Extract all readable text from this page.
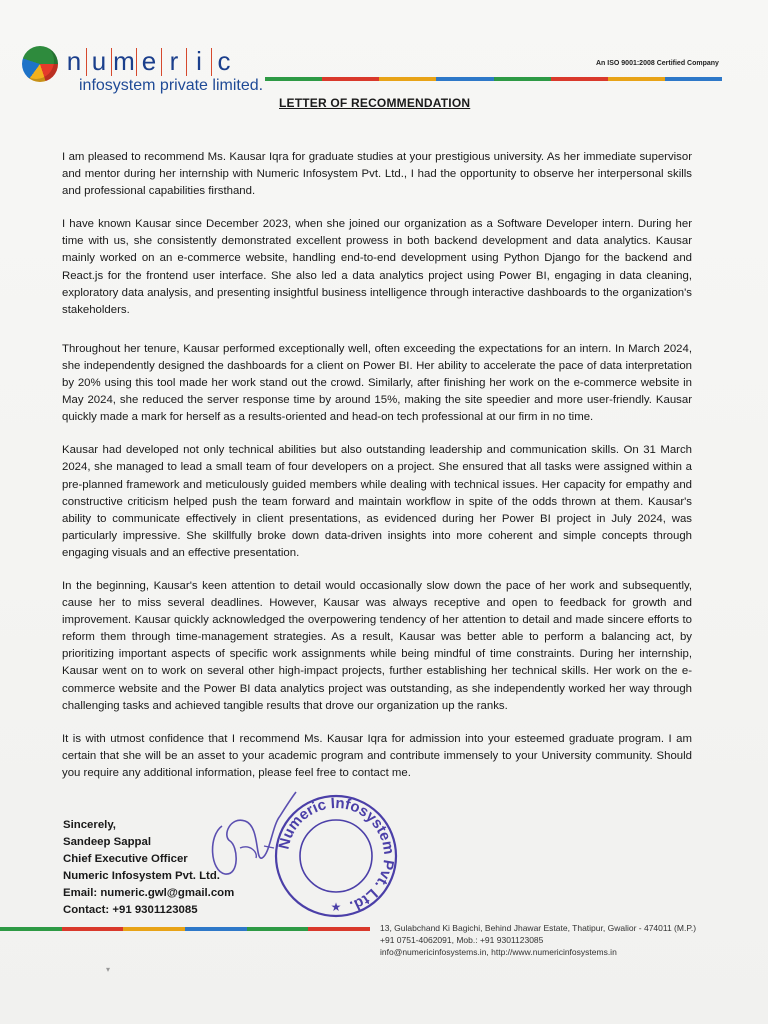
n u m e r i c
infosystem private limited.
An ISO 9001:2008 Certified Company
LETTER OF RECOMMENDATION

I am pleased to recommend Ms. Kausar Iqra for graduate studies at your prestigious university. As her immediate supervisor and mentor during her internship with Numeric Infosystem Pvt. Ltd., I had the opportunity to observe her interpersonal skills and professional capabilities firsthand.

I have known Kausar since December 2023, when she joined our organization as a Software Developer intern. During her time with us, she consistently demonstrated excellent prowess in both backend development and data analytics. Kausar mainly worked on an e-commerce website, handling end-to-end development using Python Django for the backend and React.js for the frontend user interface. She also led a data analytics project using Power BI, engaging in data cleaning, exploratory data analysis, and presenting insightful business intelligence through interactive dashboards to the organization's stakeholders.

Throughout her tenure, Kausar performed exceptionally well, often exceeding the expectations for an intern. In March 2024, she independently designed the dashboards for a client on Power BI. Her ability to accelerate the pace of data interpretation by 20% using this tool made her work stand out the crowd. Similarly, after finishing her work on the e-commerce website in May 2024, she reduced the server response time by around 15%, making the site speedier and more user-friendly. Kausar quickly made a mark for herself as a results-oriented and head-on tech professional at our firm in no time.

Kausar had developed not only technical abilities but also outstanding leadership and communication skills. On 31 March 2024, she managed to lead a small team of four developers on a project. She ensured that all tasks were assigned within a pre-planned framework and meticulously guided members while dealing with technical issues. Her capacity for empathy and constructive criticism helped push the team forward and maintain workflow in spite of the odds thrown at them. Kausar's ability to communicate effectively in client presentations, as evidenced during her Power BI project in July 2024, was particularly impressive. She skillfully broke down data-driven insights into more coherent and simple concepts through engaging visuals and an effective presentation.

In the beginning, Kausar's keen attention to detail would occasionally slow down the pace of her work and subsequently, cause her to miss several deadlines. However, Kausar was always receptive and open to feedback for growth and improvement. Kausar quickly acknowledged the overpowering tendency of her attention to detail and made sincere efforts to reform them through time-management strategies. As a result, Kausar was better able to perform a balancing act, by prioritizing important aspects of specific work assignments while being mindful of time constraints. During her internship, Kausar went on to work on several other high-impact projects, further establishing her technical skills. Her work on the e-commerce website and the Power BI data analytics project was outstanding, as she independently worked her way through challenging tasks and achieved tangible results that drove our organization up the ranks.

It is with utmost confidence that I recommend Ms. Kausar Iqra for admission into your esteemed graduate program. I am certain that she will be an asset to your academic program and contribute immensely to your University community. Should you require any additional information, please feel free to contact me.

Sincerely,
Sandeep Sappal
Chief Executive Officer
Numeric Infosystem Pvt. Ltd.
Email: numeric.gwl@gmail.com
Contact: +91 9301123085
Numeric Infosystem Pvt. Ltd.
★
13, Gulabchand Ki Bagichi, Behind Jhawar Estate, Thatipur, Gwalior - 474011 (M.P.)
+91 0751-4062091, Mob.: +91 9301123085
info@numericinfosystems.in, http://www.numericinfosystems.in
▾
